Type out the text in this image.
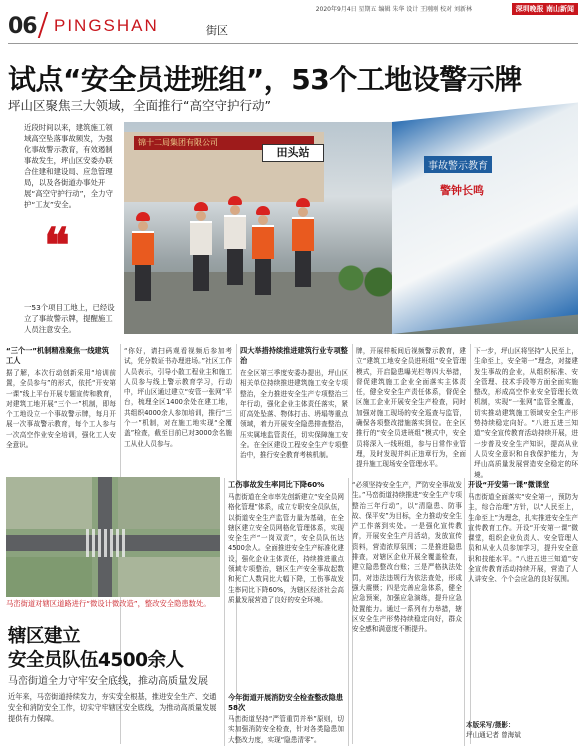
06 PINGSHAN	街区
2020年9月4日 星期五 编辑 朱华 设计 王刚刚 校对 刘新林	深圳晚报 南山新闻
试点“安全员进班组”，53个工地设警示牌
坪山区聚焦三大领域，全面推行“高空守护行动”
近段时间以来，建筑施工领域高空坠落事故频发，为强化事故警示教育，有效遏制事故发生，坪山区安委办联合住建和建设局、应急管理局，以及各街道办事处开展“高空守护行动”，全力守护“工友”安全。
❝
一53个项目工地上，已经设立了事故警示牌，提醒施工人员注意安全。
锦十二局集团有限公司
田头站
事故警示教育
警钟长鸣
“三个一”机制精准聚焦一线建筑工人
据了解，本次行动创新采用“培训前置，全员参与”的形式，依托“开安第一课”线上平台开展专题宣传和教育，对建筑工地开展“三个一”机制，即每个工地设立一个事故警示牌，每月开展一次事故警示教育，每个工人参与一次高空作业安全培训，强化工人安全意识。
“你好，请扫码观看视频后参加考试，凭分数证书办理进场。”社区工作人员表示，引导小散工程业主和施工人员参与线上警示教育学习，行动中，坪山区通过建立“安管一张网”平台，梳理全区1400余处在建工地，共组织4000余人参加培训，推行“三个一”机制，对在施工地实现“全覆盖”检查，截至目前已对3000余名施工从业人员参与。
四大举措持续推进建筑行业专项整治
在全区第三季度安委办提出，坪山区相关单位持续推进建筑施工安全专项整治，全力推进安全生产专项整治三年行动，强化企业主体责任落实，紧盯高处坠落、物体打击、坍塌等重点领域，着力开展安全隐患排查整治，压实属地监管责任，切实保障施工安全。在全区建设工程安全生产专项整治中，推行安全教育考核机制。
牌，开展样板间后视频警示教育，建立“建筑工地安全员进班组”安全管理模式，开启隐患曝光栏等四大举措，督促建筑施工企业全面落实主体责任，健全安全生产责任体系，督促全区施工企业开展安全生产检查，同时加强对施工现场的安全巡查与监管，确保各项整改措施落实到位。在全区推行的“安全员进班组”模式中，安全员将深入一线班组，参与日常作业管理，及时发现并纠正违章行为，全面提升施工现场安全管理水平。
下一步，坪山区将坚持“人民至上，生命至上，安全第一”理念，对接建发生事故的企业，从组织标准、安全管理、技术手段等方面全面实施整改，形成高空作业安全管理长效机制，实现“一张网”监管全覆盖，切实推动建筑施工领域安全生产形势持续稳定向好。“八进五进三知道”安全宣传教育活动持续开展，进一步普及安全生产知识，提高从业人员安全意识和自我保护能力，为坪山高质量发展营造安全稳定的环境。
马峦街道对辖区道路进行“微设计微改造”，整改安全隐患数处。
辖区建立
安全员队伍4500余人
马峦街道全力守牢安全底线，推动高质量发展
近年来，马峦街道持续发力，夯实安全根基，推进安全生产、交通安全和消防安全工作，切实守牢辖区安全底线，为推动高质量发展提供有力保障。
工伤事故发生率同比下降60%
马峦街道在全市率先创新建立“安全员网格化管理”体系，成立专职安全员队伍，以街道安全生产监管力量为基础，在全辖区建立安全员网格化管理体系，实现安全生产“一岗双责”，安全员队伍达4500余人。全面推进安全生产标准化建设，强化企业主体责任，持续推进重点领域专项整治，辖区生产安全事故起数和死亡人数同比大幅下降，工伤事故发生率同比下降60%，为辖区经济社会高质量发展营造了良好的安全环境。
今年街道开展消防安全检查整改隐患58次
马峦街道坚持“严管重罚并举”原则，切实加强消防安全检查，针对各类隐患加大整改力度，实现“隐患清零”。
“必须坚持安全生产，严防安全事故发生。”马峦街道持续推进“安全生产专项整治三年行动”，以“清隐患、防事故、保平安”为目标，全力推动安全生产工作落到实处。一是强化宣传教育，开展安全生产月活动，发放宣传资料，营造浓厚氛围；二是推进隐患排查，对辖区企业开展全覆盖检查，建立隐患整改台账；三是严格执法处罚，对违法违规行为依法查处，形成强大震慑；四是完善应急体系，健全应急预案，加强应急演练，提升应急处置能力。通过一系列有力举措，辖区安全生产形势持续稳定向好，群众安全感和满意度不断提升。
开设“开安第一课”微课堂
马峦街道全面落实“安全第一，预防为主，综合治理”方针，以“人民至上，生命至上”为理念，扎实推进安全生产宣传教育工作。开设“开安第一课”微课堂，组织企业负责人、安全管理人员和从业人员参加学习，提升安全意识和技能水平。“八进五进三知道”安全宣传教育活动持续开展，营造了人人讲安全、个个会应急的良好氛围。
本版采写/摄影：
坪山通记者 曾海斌
